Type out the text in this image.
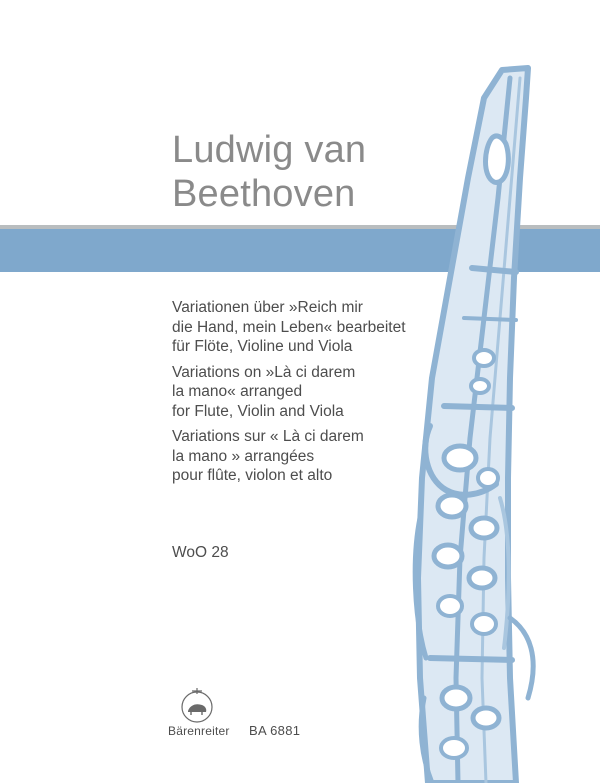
Ludwig van
Beethoven
Variationen über »Reich mir
die Hand, mein Leben« bearbeitet
für Flöte, Violine und Viola
Variations on »Là ci darem
la mano« arranged
for Flute, Violin and Viola
Variations sur « Là ci darem
la mano » arrangées
pour flûte, violon et alto
WoO 28
Bärenreiter BA 6881
